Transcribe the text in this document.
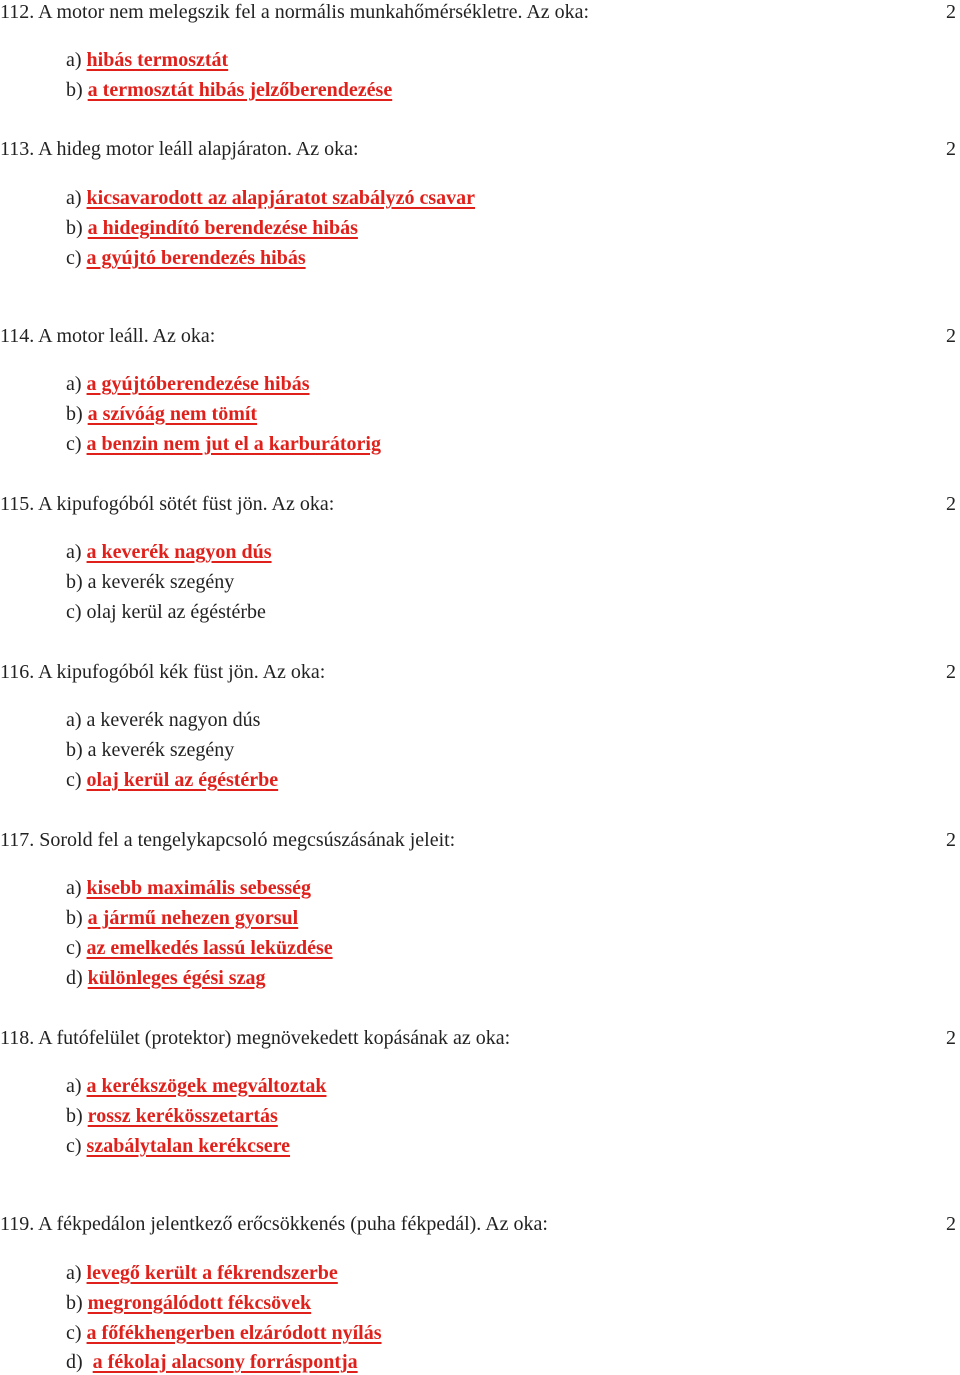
112. A motor nem melegszik fel a normális munkahőmérsékletre. Az oka:	2
a) hibás termosztát
b) a termosztát hibás jelzőberendezése
113. A hideg motor leáll alapjáraton. Az oka:	2
a) kicsavarodott az alapjáratot szabályzó csavar
b) a hidegindító berendezése hibás
c) a gyújtó berendezés hibás
114. A motor leáll. Az oka:	2
a) a gyújtóberendezése hibás
b) a szívóág nem tömít
c) a benzin nem jut el a karburátorig
115. A kipufogóból sötét füst jön. Az oka:	2
a) a keverék nagyon dús
b) a keverék szegény
c) olaj kerül az égéstérbe
116. A kipufogóból kék füst jön. Az oka:	2
a) a keverék nagyon dús
b) a keverék szegény
c) olaj kerül az égéstérbe
117. Sorold fel a tengelykapcsoló megcsúszásának jeleit:	2
a) kisebb maximális sebesség
b) a jármű nehezen gyorsul
c) az emelkedés lassú leküzdése
d) különleges égési szag
118. A futófelület (protektor) megnövekedett kopásának az oka:	2
a) a kerékszögek megváltoztak
b) rossz kerékösszetartás
c) szabálytalan kerékcsere
119. A fékpedálon jelentkező erőcsökkenés (puha fékpedál). Az oka:	2
a) levegő került a fékrendszerbe
b) megrongálódott fékcsövek
c) a főfékhengerben elzáródott nyílás
d)  a fékolaj alacsony forráspontja
